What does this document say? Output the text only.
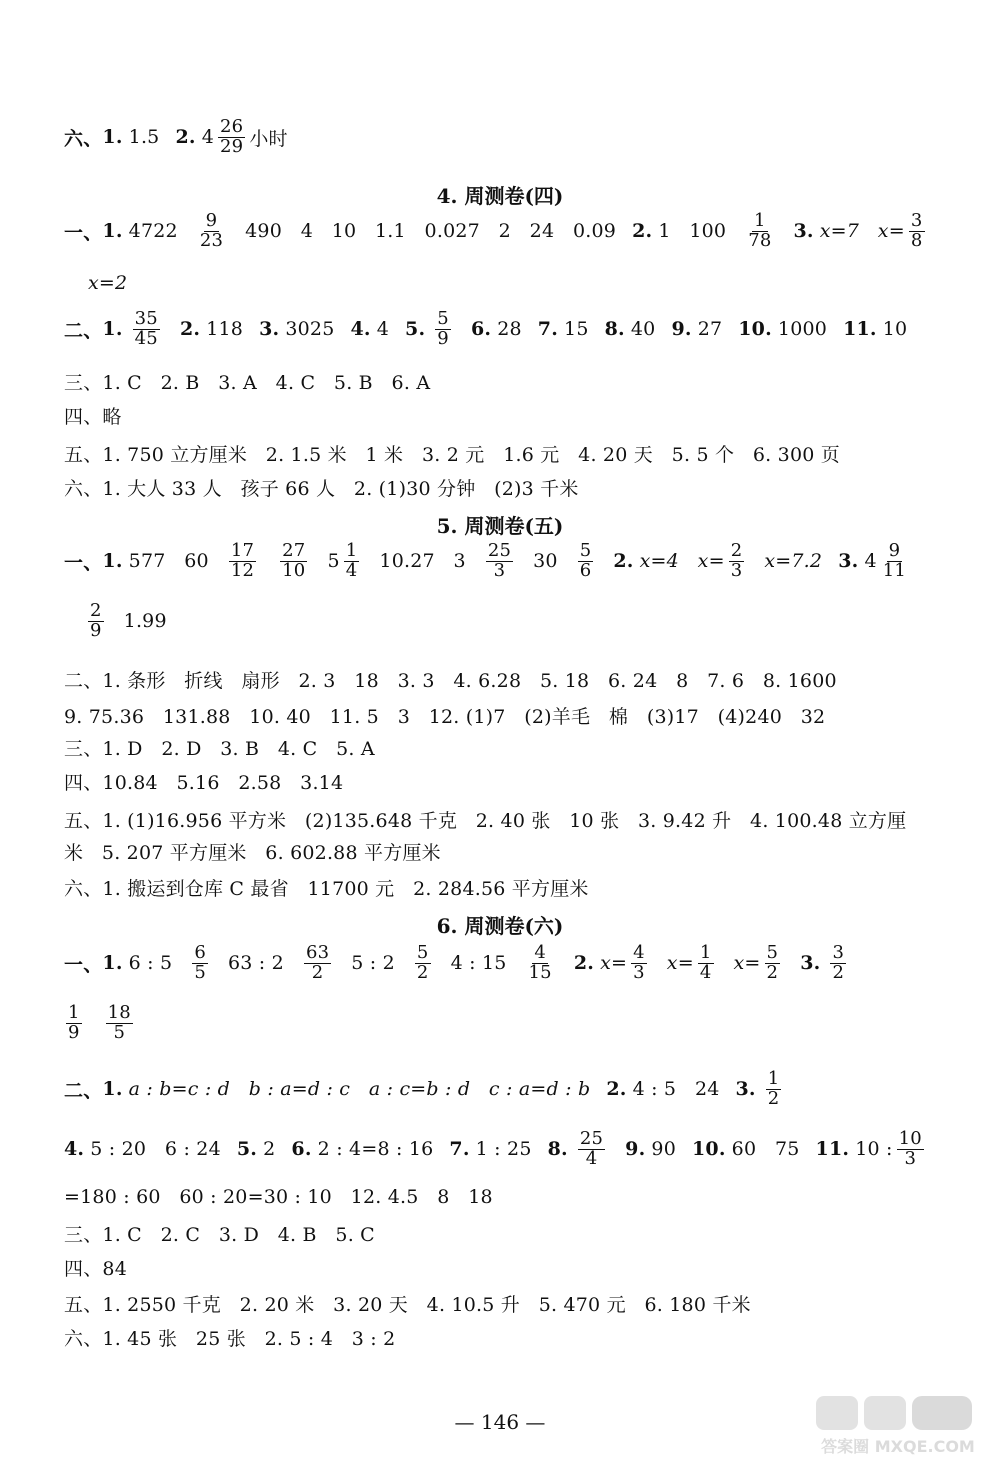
六、 1. 1.5 2. $4 \frac{26}{29}$ 小时
4. 周测卷(四)
一、 1. $4722 \frac{9}{23} 490$   4   10   1.1   0.027   2   24   0.09 2. 1   $100 \frac{1}{78} 3$. x=7   $x= \frac{3}{8}$
x=2
二、 1. $\frac{35}{45} 2$. 118 3. 3025 4. 4 5. $\frac{5}{9} 6$. 28 7. 15 8. 40 9. 27 10. 1000 11. 10
三、1. C   2. B   3. A   4. C   5. B   6. A
四、略
五、1. 750 立方厘米   2. 1.5 米   1 米   3. 2 元   1.6 元   4. 20 天   5. 5 个   6. 300 页
六、1. 大人 33 人   孩子 66 人   2. (1)30 分钟   (2)3 千米
5. 周测卷(五)
一、 1. 577   $60 \frac{17}{12} \frac{27}{10} 5 \frac{1}{4} 10.27$   $3 \frac{25}{3} 30 \frac{5}{6} 2$. x=4   $x= \frac{2}{3} x=7.2$ 3. $4 \frac{9}{11}$
$\frac{2}{9} 1.99$
二、1. 条形   折线   扇形   2. 3   18   3. 3   4. 6.28   5. 18   6. 24   8   7. 6   8. 1600
9. 75.36   131.88   10. 40   11. 5   3   12. (1)7   (2)羊毛   棉   (3)17   (4)240   32
三、1. D   2. D   3. B   4. C   5. A
四、10.84   5.16   2.58   3.14
五、1. (1)16.956 平方米   (2)135.648 千克   2. 40 张   10 张   3. 9.42 升   4. 100.48 立方厘
米   5. 207 平方厘米   6. 602.88 平方厘米
六、1. 搬运到仓库 C 最省   11700 元   2. 284.56 平方厘米
6. 周测卷(六)
一、 1. 6 : $5 \frac{6}{5} 63$ : $2 \frac{63}{2} 5$ : $2 \frac{5}{2} 4$ : $15 \frac{4}{15} 2$. $x= \frac{4}{3} x= \frac{1}{4} x= \frac{5}{2} 3$. $\frac{3}{2}$
$\frac{1}{9} \frac{18}{5}$
二、 1. a : b=c : d   b : a=d : c   a : c=b : d   c : a=d : b 2. 4 : 5   24 3. $\frac{1}{2}$
4. 5 : 20   6 : 24 5. 2 6. 2 : 4=8 : 16 7. 1 : 25 8. $\frac{25}{4} 9$. 90 10. 60   75 11. 10 : $\frac{10}{3}$
=180 : 60   60 : 20=30 : 10   12. 4.5   8   18
三、1. C   2. C   3. D   4. B   5. C
四、84
五、1. 2550 千克   2. 20 米   3. 20 天   4. 10.5 升   5. 470 元   6. 180 千米
六、1. 45 张   25 张   2. 5 : 4   3 : 2
— 146 —
答案圈 MXQE.COM
